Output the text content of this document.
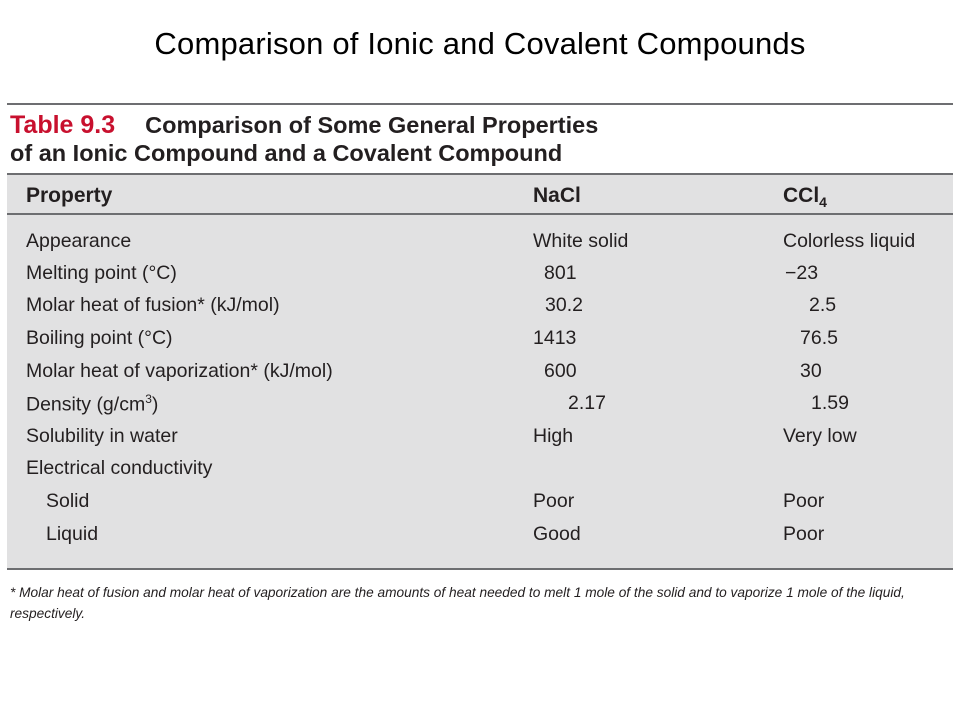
Comparison of Ionic and Covalent Compounds
Table 9.3 Comparison of Some General Properties
of an Ionic Compound and a Covalent Compound
Property	NaCl	CCl$_4$
Appearance	White solid	Colorless liquid
Melting point (°C)	801	−23
Molar heat of fusion* (kJ/mol)	30.2	2.5
Boiling point (°C)	1413	76.5
Molar heat of vaporization* (kJ/mol)	600	30
Density $(g/cm^3)$	2.17	1.59
Solubility in water	High	Very low
Electrical conductivity
Solid	Poor	Poor
Liquid	Good	Poor
* Molar heat of fusion and molar heat of vaporization are the amounts of heat needed to melt 1 mole of the solid and to vaporize 1 mole of the liquid, respectively.
